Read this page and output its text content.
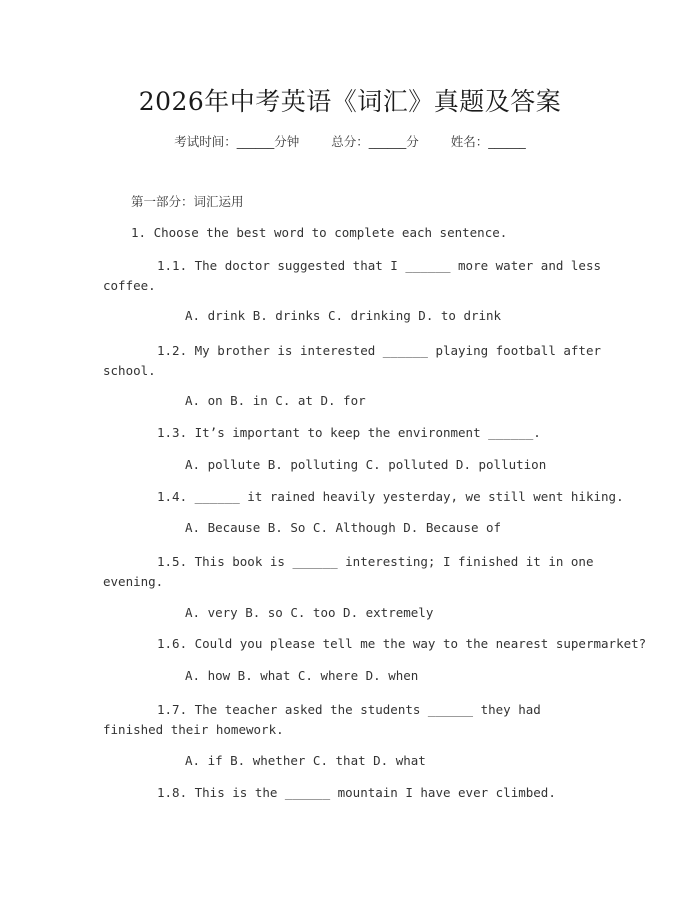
2026年中考英语《词汇》真题及答案
考试时间：______分钟	总分：______分	姓名：______
第一部分：词汇运用
1. Choose the best word to complete each sentence.
1.1. The doctor suggested that I ______ more water and less coffee.
A. drink B. drinks C. drinking D. to drink
1.2. My brother is interested ______ playing football after school.
A. on B. in C. at D. for
1.3. It’s important to keep the environment ______.
A. pollute B. polluting C. polluted D. pollution
1.4. ______ it rained heavily yesterday, we still went hiking.
A. Because B. So C. Although D. Because of
1.5. This book is ______ interesting; I finished it in one evening.
A. very B. so C. too D. extremely
1.6. Could you please tell me the way to the nearest supermarket?
A. how B. what C. where D. when
1.7. The teacher asked the students ______ they had finished their homework.
A. if B. whether C. that D. what
1.8. This is the ______ mountain I have ever climbed.
